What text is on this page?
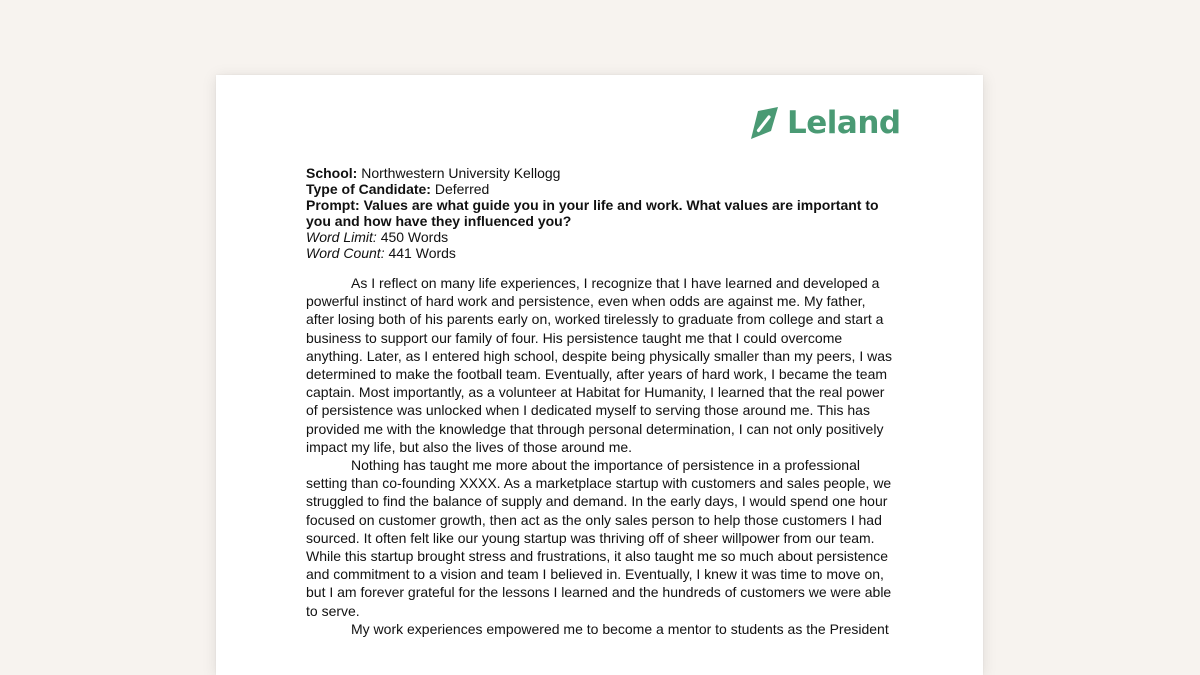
Leland

School: Northwestern University Kellogg

Type of Candidate: Deferred

Prompt: Values are what guide you in your life and work. What values are important to you and how have they influenced you?

Word Limit: 450 Words

Word Count: 441 Words

As I reflect on many life experiences, I recognize that I have learned and developed a powerful instinct of hard work and persistence, even when odds are against me. My father, after losing both of his parents early on, worked tirelessly to graduate from college and start a business to support our family of four. His persistence taught me that I could overcome anything. Later, as I entered high school, despite being physically smaller than my peers, I was determined to make the football team. Eventually, after years of hard work, I became the team captain. Most importantly, as a volunteer at Habitat for Humanity, I learned that the real power of persistence was unlocked when I dedicated myself to serving those around me. This has provided me with the knowledge that through personal determination, I can not only positively impact my life, but also the lives of those around me.

Nothing has taught me more about the importance of persistence in a professional setting than co-founding XXXX. As a marketplace startup with customers and sales people, we struggled to find the balance of supply and demand. In the early days, I would spend one hour focused on customer growth, then act as the only sales person to help those customers I had sourced. It often felt like our young startup was thriving off of sheer willpower from our team. While this startup brought stress and frustrations, it also taught me so much about persistence and commitment to a vision and team I believed in. Eventually, I knew it was time to move on, but I am forever grateful for the lessons I learned and the hundreds of customers we were able to serve.

My work experiences empowered me to become a mentor to students as the President
